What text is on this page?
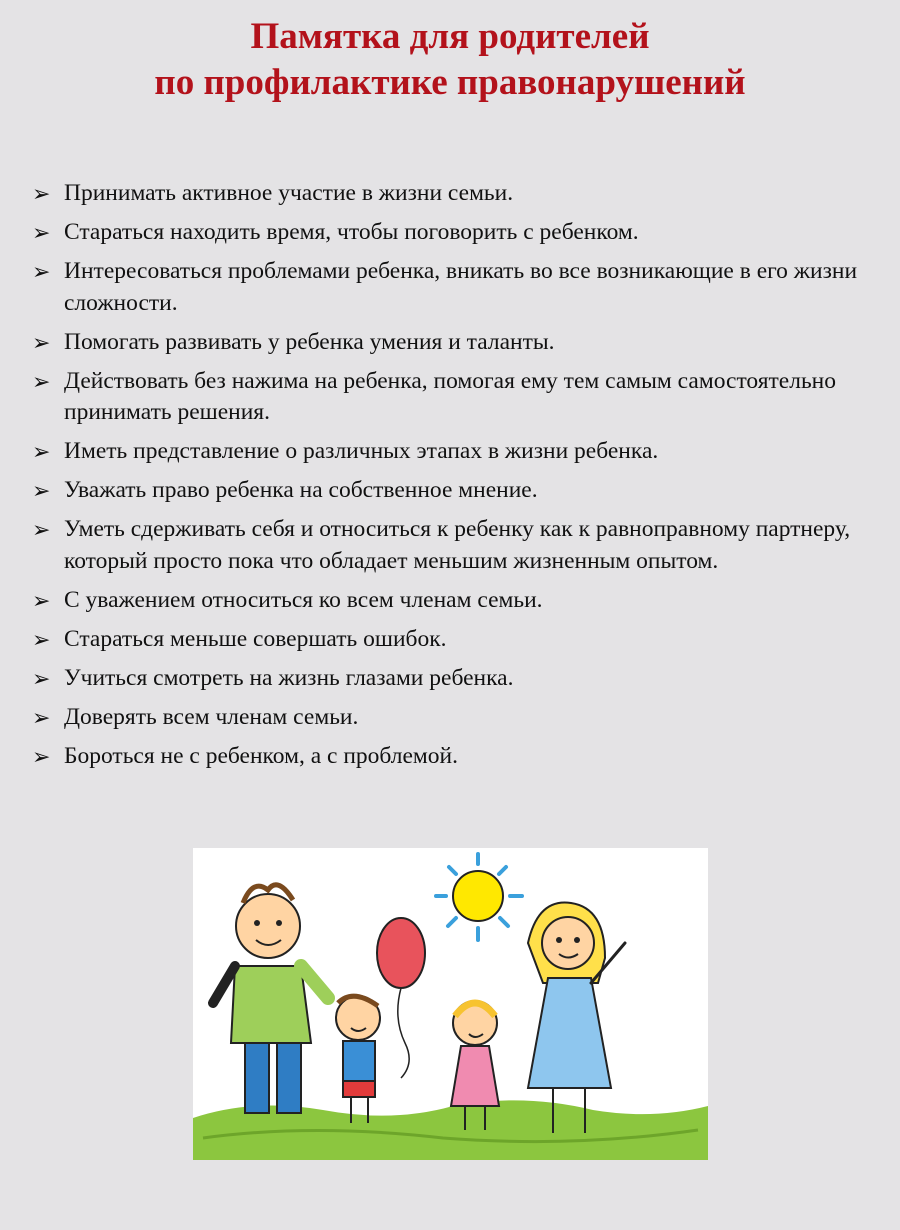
Памятка для родителей
по профилактике правонарушений
➢ Принимать активное участие в жизни семьи.
➢ Стараться находить время, чтобы поговорить с ребенком.
➢ Интересоваться проблемами ребенка, вникать во все возникающие в его жизни сложности.
➢ Помогать развивать у ребенка умения и таланты.
➢ Действовать без нажима на ребенка, помогая ему тем самым самостоятельно принимать решения.
➢ Иметь представление о различных этапах в жизни ребенка.
➢ Уважать право ребенка на собственное мнение.
➢ Уметь сдерживать себя и относиться к ребенку как к равноправному партнеру, который просто пока что обладает меньшим жизненным опытом.
➢ С уважением относиться ко всем членам семьи.
➢ Стараться меньше совершать ошибок.
➢ Учиться смотреть на жизнь глазами ребенка.
➢ Доверять всем членам семьи.
➢ Бороться не с ребенком, а с проблемой.
